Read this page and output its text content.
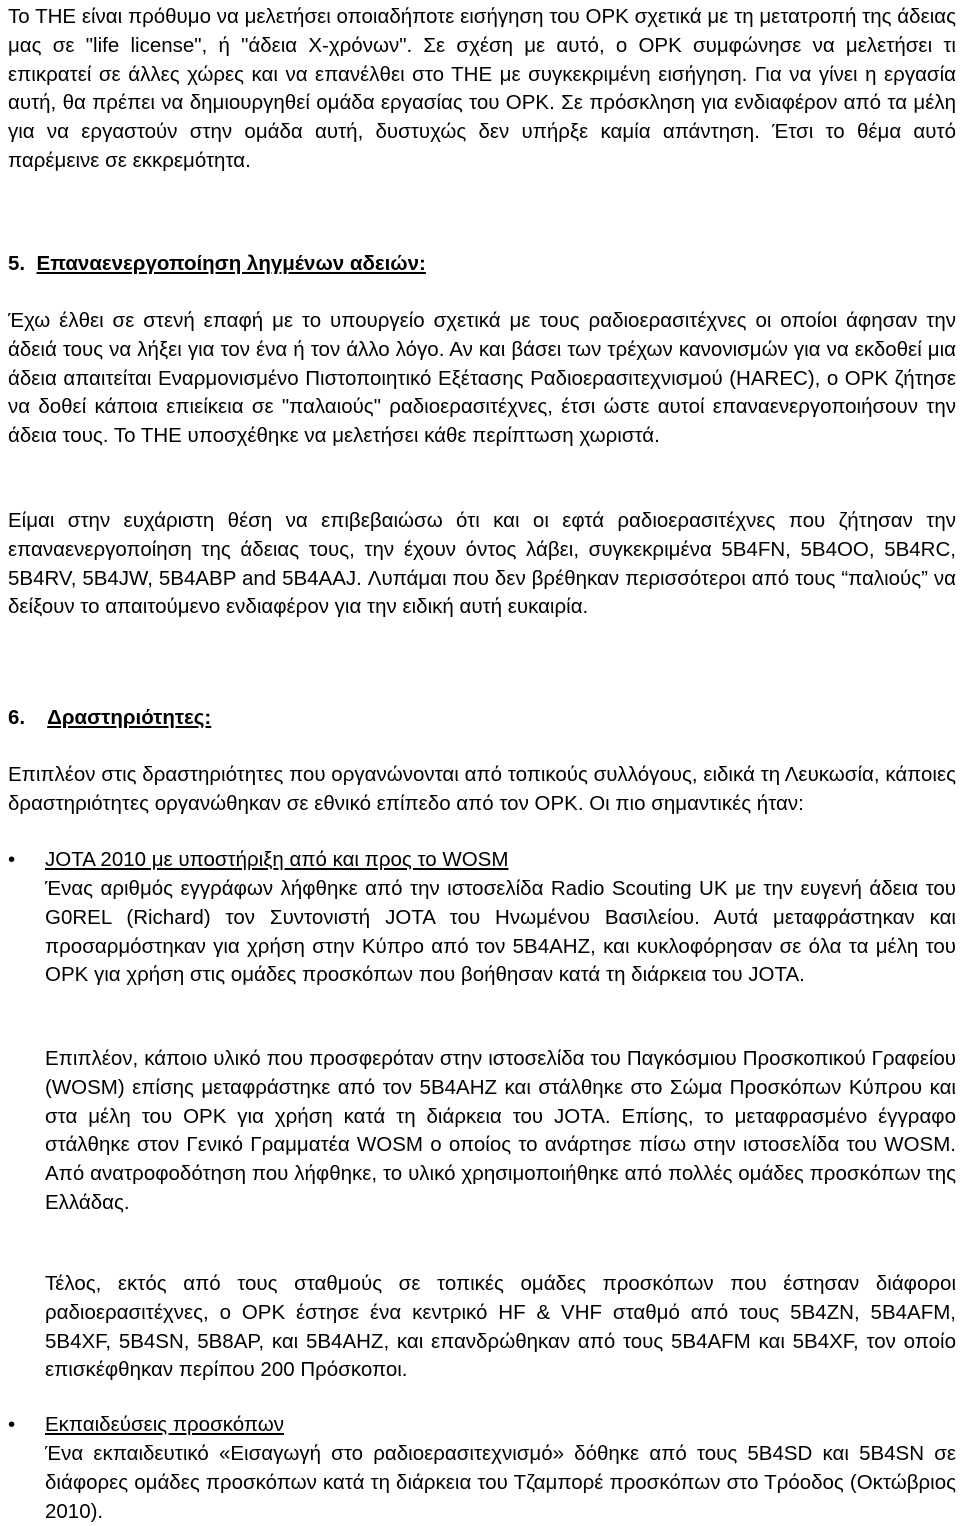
Το ΤΗΕ είναι πρόθυμο να μελετήσει οποιαδήποτε εισήγηση του ΟΡΚ σχετικά με τη μετατροπή της άδειας μας σε "life license", ή "άδεια Χ-χρόνων". Σε σχέση με αυτό, ο ΟΡΚ συμφώνησε να μελετήσει τι επικρατεί σε άλλες χώρες και να επανέλθει στο ΤΗΕ με συγκεκριμένη εισήγηση. Για να γίνει η εργασία αυτή, θα πρέπει να δημιουργηθεί ομάδα εργασίας του ΟΡΚ. Σε πρόσκληση για ενδιαφέρον από τα μέλη για να εργαστούν στην ομάδα αυτή, δυστυχώς δεν υπήρξε καμία απάντηση. Έτσι το θέμα αυτό παρέμεινε σε εκκρεμότητα.

5. Επαναενεργοποίηση ληγμένων αδειών:

Έχω έλθει σε στενή επαφή με το υπουργείο σχετικά με τους ραδιοερασιτέχνες οι οποίοι άφησαν την άδειά τους να λήξει για τον ένα ή τον άλλο λόγο. Αν και βάσει των τρέχων κανονισμών για να εκδοθεί μια άδεια απαιτείται Εναρμονισμένο Πιστοποιητικό Εξέτασης Ραδιοερασιτεχνισμού (HAREC), ο ΟΡΚ ζήτησε να δοθεί κάποια επιείκεια σε "παλαιούς" ραδιοερασιτέχνες, έτσι ώστε αυτοί επαναενεργοποιήσουν την άδεια τους. Το ΤΗΕ υποσχέθηκε να μελετήσει κάθε περίπτωση χωριστά.

Είμαι στην ευχάριστη θέση να επιβεβαιώσω ότι και οι εφτά ραδιοερασιτέχνες που ζήτησαν την επαναενεργοποίηση της άδειας τους, την έχουν όντος λάβει, συγκεκριμένα 5B4FN, 5B4OO, 5B4RC, 5B4RV, 5B4JW, 5B4ABP and 5B4AAJ. Λυπάμαι που δεν βρέθηκαν περισσότεροι από τους “παλιούς” να δείξουν το απαιτούμενο ενδιαφέρον για την ειδική αυτή ευκαιρία.

6. Δραστηριότητες:

Επιπλέον στις δραστηριότητες που οργανώνονται από τοπικούς συλλόγους, ειδικά τη Λευκωσία, κάποιες δραστηριότητες οργανώθηκαν σε εθνικό επίπεδο από τον ΟΡΚ. Οι πιο σημαντικές ήταν:

• JOTA 2010 με υποστήριξη από και προς το WOSM

Ένας αριθμός εγγράφων λήφθηκε από την ιστοσελίδα Radio Scouting UK με την ευγενή άδεια του G0REL (Richard) τον Συντονιστή JOTA του Ηνωμένου Βασιλείου. Αυτά μεταφράστηκαν και προσαρμόστηκαν για χρήση στην Κύπρο από τον 5B4AHZ, και κυκλοφόρησαν σε όλα τα μέλη του ΟΡΚ για χρήση στις ομάδες προσκόπων που βοήθησαν κατά τη διάρκεια του JOTA.

Επιπλέον, κάποιο υλικό που προσφερόταν στην ιστοσελίδα του Παγκόσμιου Προσκοπικού Γραφείου (WOSM) επίσης μεταφράστηκε από τον 5B4AHZ και στάλθηκε στο Σώμα Προσκόπων Κύπρου και στα μέλη του ΟΡΚ για χρήση κατά τη διάρκεια του JOTA. Επίσης, το μεταφρασμένο έγγραφο στάλθηκε στον Γενικό Γραμματέα WOSM ο οποίος το ανάρτησε πίσω στην ιστοσελίδα του WOSM. Από ανατροφοδότηση που λήφθηκε, το υλικό χρησιμοποιήθηκε από πολλές ομάδες προσκόπων της Ελλάδας.

Τέλος, εκτός από τους σταθμούς σε τοπικές ομάδες προσκόπων που έστησαν διάφοροι ραδιοερασιτέχνες, ο ΟΡΚ έστησε ένα κεντρικό HF & VHF σταθμό από τους 5B4ZN, 5B4AFM, 5B4XF, 5B4SN, 5B8AP, και 5B4AHZ, και επανδρώθηκαν από τους 5B4AFM και 5B4XF, τον οποίο επισκέφθηκαν περίπου 200 Πρόσκοποι.

• Εκπαιδεύσεις προσκόπων

Ένα εκπαιδευτικό «Εισαγωγή στο ραδιοερασιτεχνισμό» δόθηκε από τους 5B4SD και 5B4SN σε διάφορες ομάδες προσκόπων κατά τη διάρκεια του Τζαμπορέ προσκόπων στο Τρόοδος (Οκτώβριος 2010).
